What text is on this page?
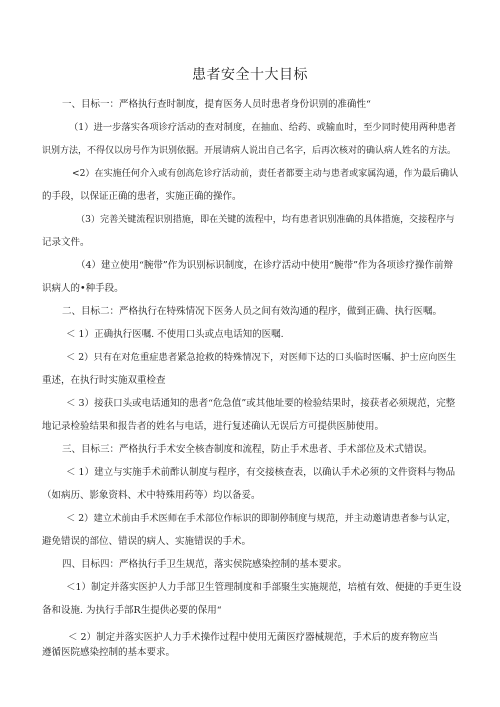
患者安全十大目标
一、目标一：严格执行查时制度，提育医务人员时患者身份识别的准确性“
（1）进一步落实各项诊疗活动的查对制度，在抽血、给药、或输血时，至少同时使用两种患者
识别方法，不得仅以房号作为识别依据。开展请病人说出自己名字，后再次核对的确认病人姓名的方法。
<2）在实施任何介入或有创高危诊疗活动前，责任者都要主动与患者或家属沟通，作为最后确认
的手段，以保证正确的患者，实施正确的操作。
（3）完善关键流程识别措施，即在关键的流程中，均有患者识别准确的具体措施，交接程序与
记录文件。
（4）建立使用“腕带”作为识别标识制度，在诊疗活动中使用“腕带”作为各项诊疗操作前辩
识病人的•种手段。
二、目标二：严格执行在特殊情况下医务人员之间有效沟通的程序，做到正确、执行医嘱。
＜ 1）正确执行医嘱. 不使用口头或点电话知的医嘱.
＜ 2）只有在对危重症患者紧急抢救的特殊情况下，对医师下达的口头临时医嘱、护士应向医生
重述，在执行时实施双重检查
＜ 3）接获口头或电话通知的患者“危急值”或其他址要的检验结果时，接获者必须规范，完整
地记录检验结果和报告者的姓名与电话，进行复述确认无误后方可提供医肺使用。
三、目标三：严格执行手术安全核杳制度和流程，防止手术患者、手术部位及术式错误。
＜ 1）建立与实施手术前酢认制度与程序，有交接核查表，以确认手术必须的文件资料与物品
（如病历、影象资料、术中特殊用药等）均以备妥。
＜ 2）建立术前由手术医师在手术部位作标识的即制停制度与规范，并主动邀请患者参与认定，
避免错误的部位、错误的病人、实施错误的手术。
四、目标四：严格执行手卫生规范，落实侯院感染控制的基本要求。
＜1）制定并落实医护人力手部卫生管理制度和手部聚生实施规范，培植有效、便捷的手更生设
备和设施. 为执行手部R生提供必要的保用“
＜ 2）制定并落实医护人力手术操作过程中使用无菌医疗器械规范，手术后的废弃物应当
遵循医院感染控制的基本要求。
